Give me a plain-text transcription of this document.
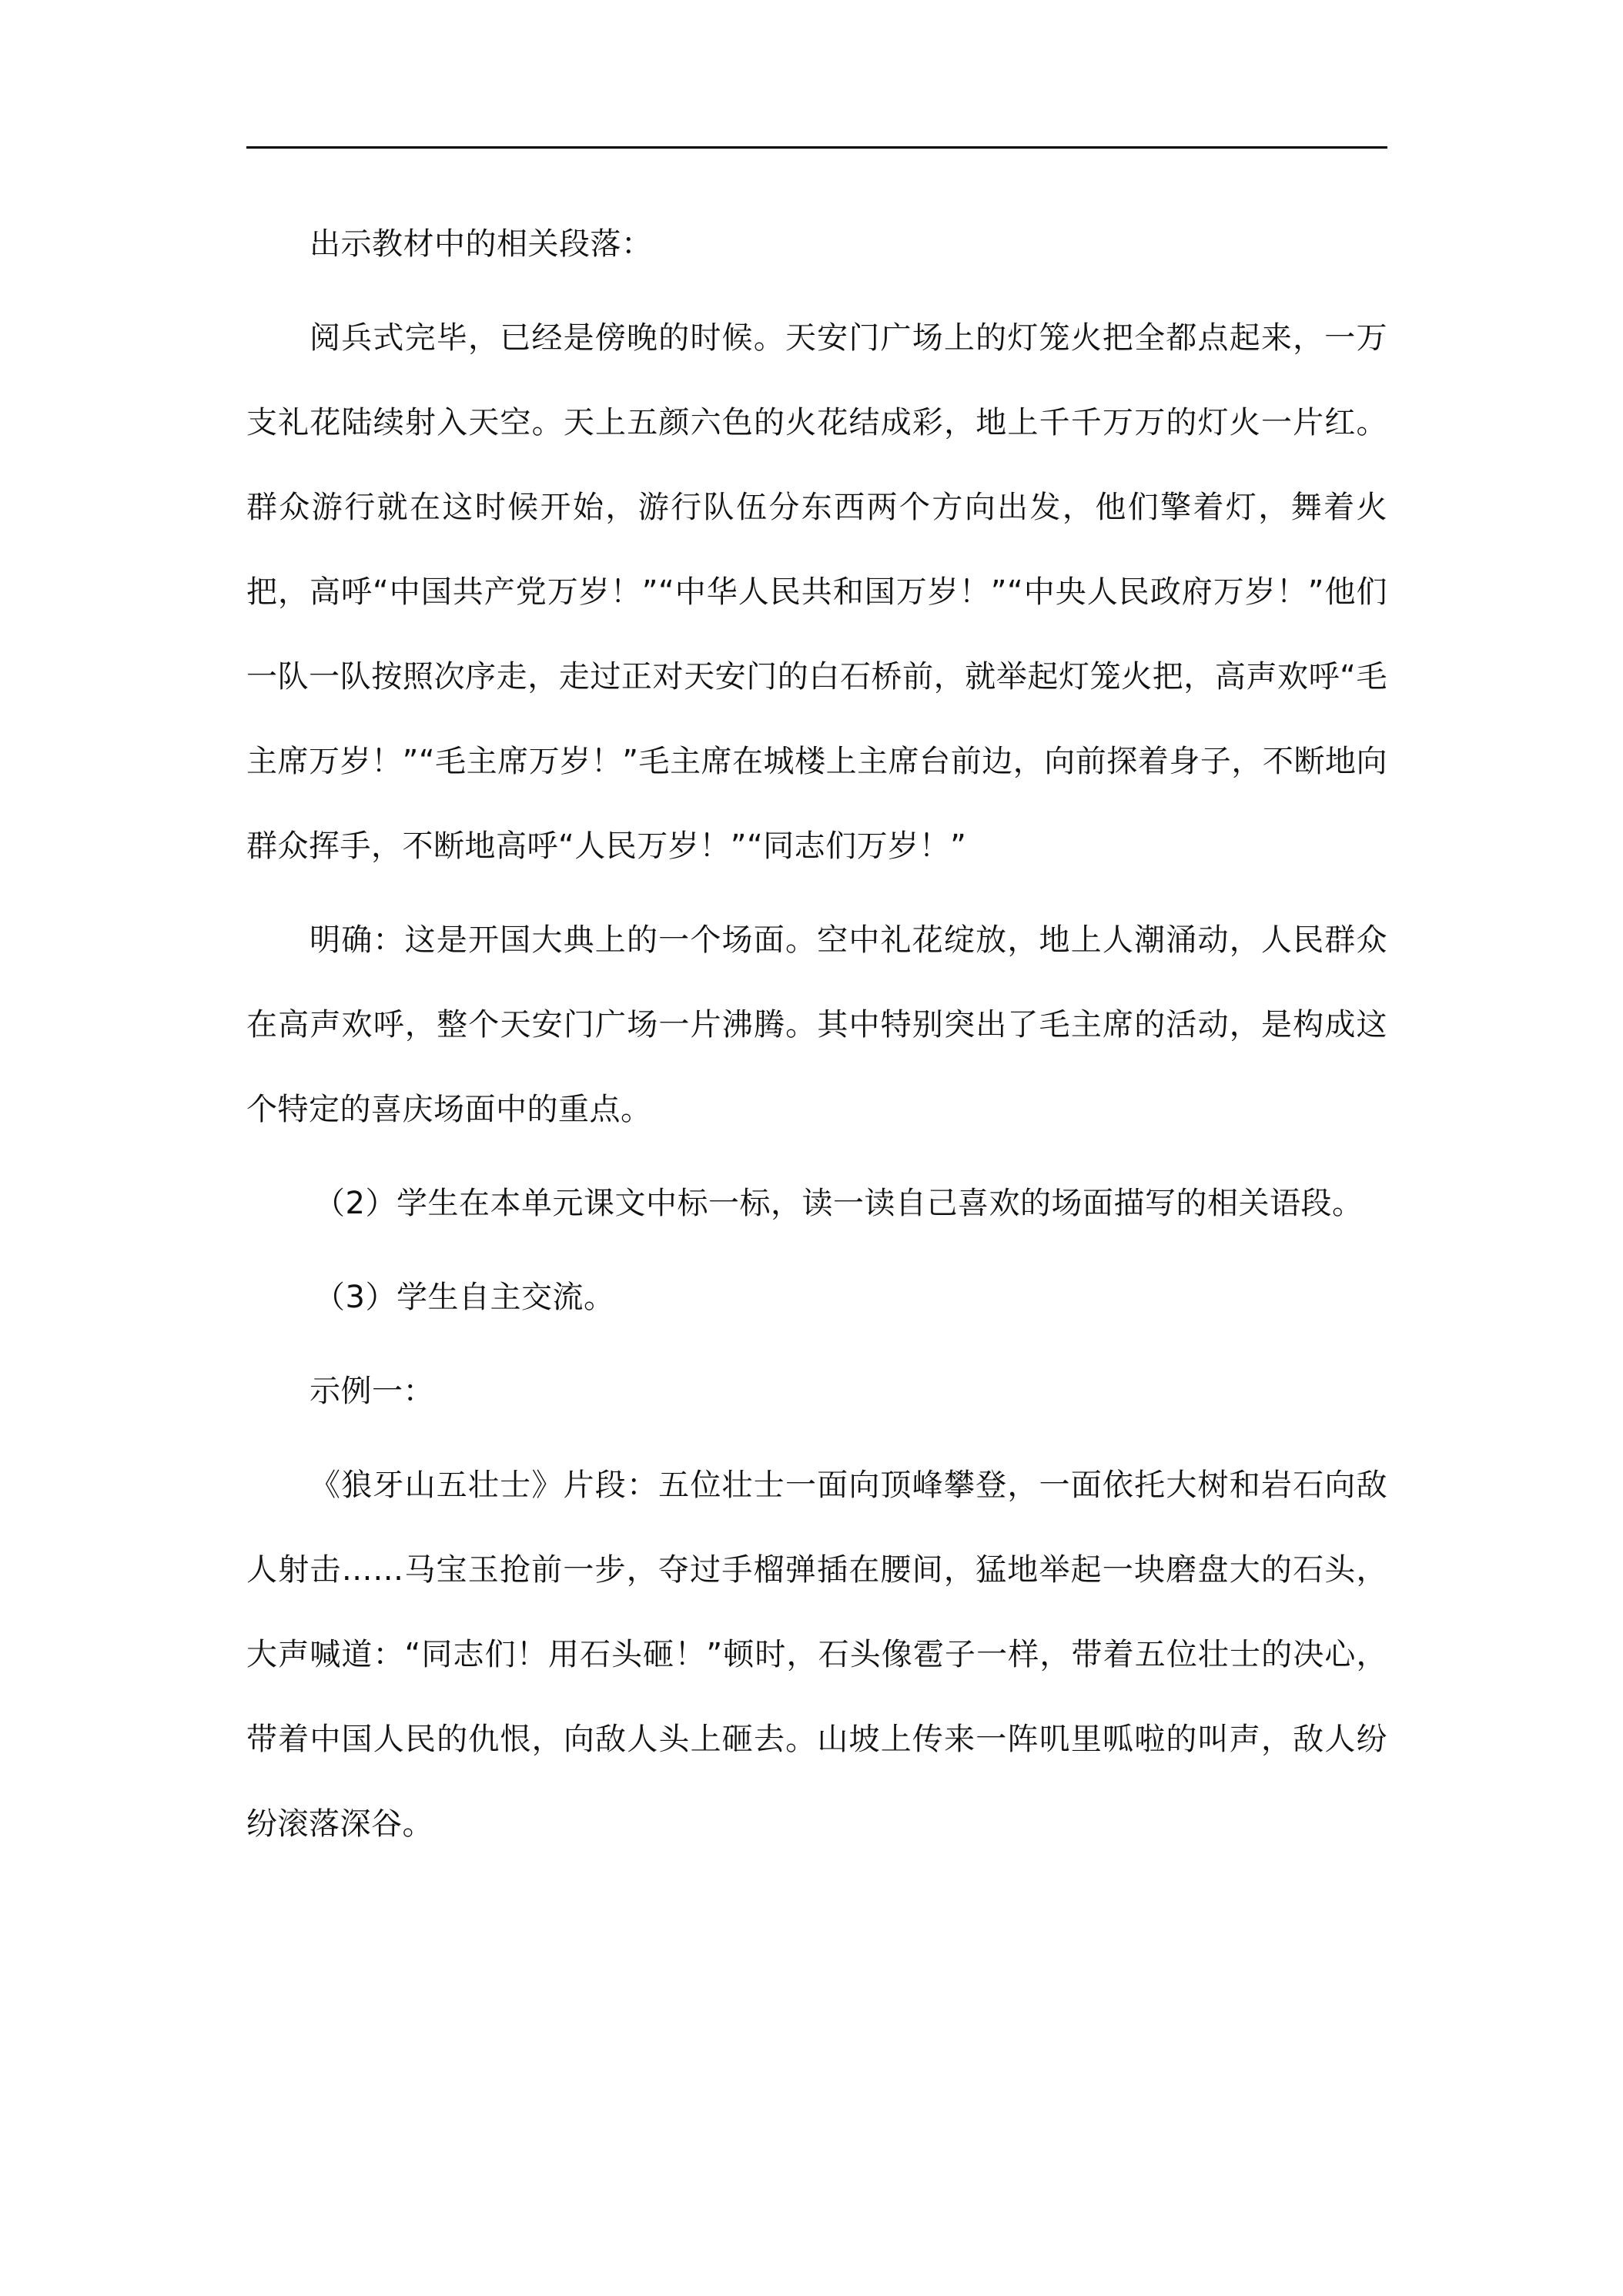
出示教材中的相关段落：

阅兵式完毕，已经是傍晚的时候。天安门广场上的灯笼火把全都点起来，一万支礼花陆续射入天空。天上五颜六色的火花结成彩，地上千千万万的灯火一片红。群众游行就在这时候开始，游行队伍分东西两个方向出发，他们擎着灯，舞着火把，高呼“中国共产党万岁！”“中华人民共和国万岁！”“中央人民政府万岁！”他们一队一队按照次序走，走过正对天安门的白石桥前，就举起灯笼火把，高声欢呼“毛主席万岁！”“毛主席万岁！”毛主席在城楼上主席台前边，向前探着身子，不断地向群众挥手，不断地高呼“人民万岁！”“同志们万岁！”

明确：这是开国大典上的一个场面。空中礼花绽放，地上人潮涌动，人民群众在高声欢呼，整个天安门广场一片沸腾。其中特别突出了毛主席的活动，是构成这个特定的喜庆场面中的重点。

（2）学生在本单元课文中标一标，读一读自己喜欢的场面描写的相关语段。

（3）学生自主交流。

示例一：

《狼牙山五壮士》片段：五位壮士一面向顶峰攀登，一面依托大树和岩石向敌人射击……马宝玉抢前一步，夺过手榴弹插在腰间，猛地举起一块磨盘大的石头，大声喊道：“同志们！用石头砸！”顿时，石头像雹子一样，带着五位壮士的决心，带着中国人民的仇恨，向敌人头上砸去。山坡上传来一阵叽里呱啦的叫声，敌人纷纷滚落深谷。
